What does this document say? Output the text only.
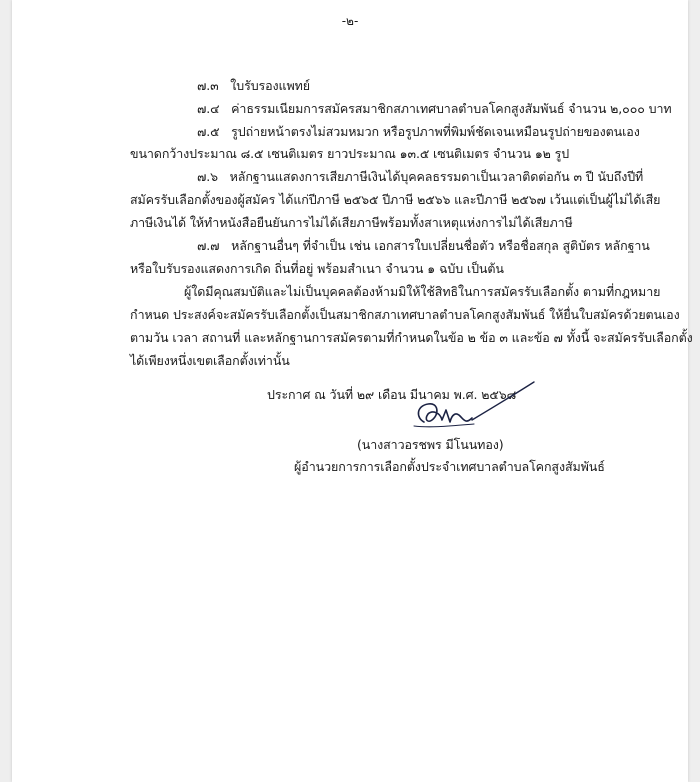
-๒-
๗.๓ ใบรับรองแพทย์
๗.๔ ค่าธรรมเนียมการสมัครสมาชิกสภาเทศบาลตำบลโคกสูงสัมพันธ์ จำนวน ๒,๐๐๐ บาท
๗.๕ รูปถ่ายหน้าตรงไม่สวมหมวก หรือรูปภาพที่พิมพ์ชัดเจนเหมือนรูปถ่ายของตนเอง
ขนาดกว้างประมาณ ๘.๕ เซนติเมตร ยาวประมาณ ๑๓.๕ เซนติเมตร จำนวน ๑๒ รูป
๗.๖ หลักฐานแสดงการเสียภาษีเงินได้บุคคลธรรมดาเป็นเวลาติดต่อกัน ๓ ปี นับถึงปีที่
สมัครรับเลือกตั้งของผู้สมัคร ได้แก่ปีภาษี ๒๕๖๕ ปีภาษี ๒๕๖๖ และปีภาษี ๒๕๖๗ เว้นแต่เป็นผู้ไม่ได้เสีย
ภาษีเงินได้ ให้ทำหนังสือยืนยันการไม่ได้เสียภาษีพร้อมทั้งสาเหตุแห่งการไม่ได้เสียภาษี
๗.๗ หลักฐานอื่นๆ ที่จำเป็น เช่น เอกสารใบเปลี่ยนชื่อตัว หรือชื่อสกุล สูติบัตร หลักฐาน
หรือใบรับรองแสดงการเกิด ถิ่นที่อยู่ พร้อมสำเนา จำนวน ๑ ฉบับ เป็นต้น
ผู้ใดมีคุณสมบัติและไม่เป็นบุคคลต้องห้ามมิให้ใช้สิทธิในการสมัครรับเลือกตั้ง ตามที่กฎหมาย
กำหนด ประสงค์จะสมัครรับเลือกตั้งเป็นสมาชิกสภาเทศบาลตำบลโคกสูงสัมพันธ์ ให้ยื่นใบสมัครด้วยตนเอง
ตามวัน เวลา สถานที่ และหลักฐานการสมัครตามที่กำหนดในข้อ ๒ ข้อ ๓ และข้อ ๗ ทั้งนี้ จะสมัครรับเลือกตั้ง
ได้เพียงหนึ่งเขตเลือกตั้งเท่านั้น
ประกาศ ณ วันที่ ๒๙ เดือน มีนาคม พ.ศ. ๒๕๖๘
(นางสาวอรชพร มีโนนทอง)
ผู้อำนวยการการเลือกตั้งประจำเทศบาลตำบลโคกสูงสัมพันธ์
